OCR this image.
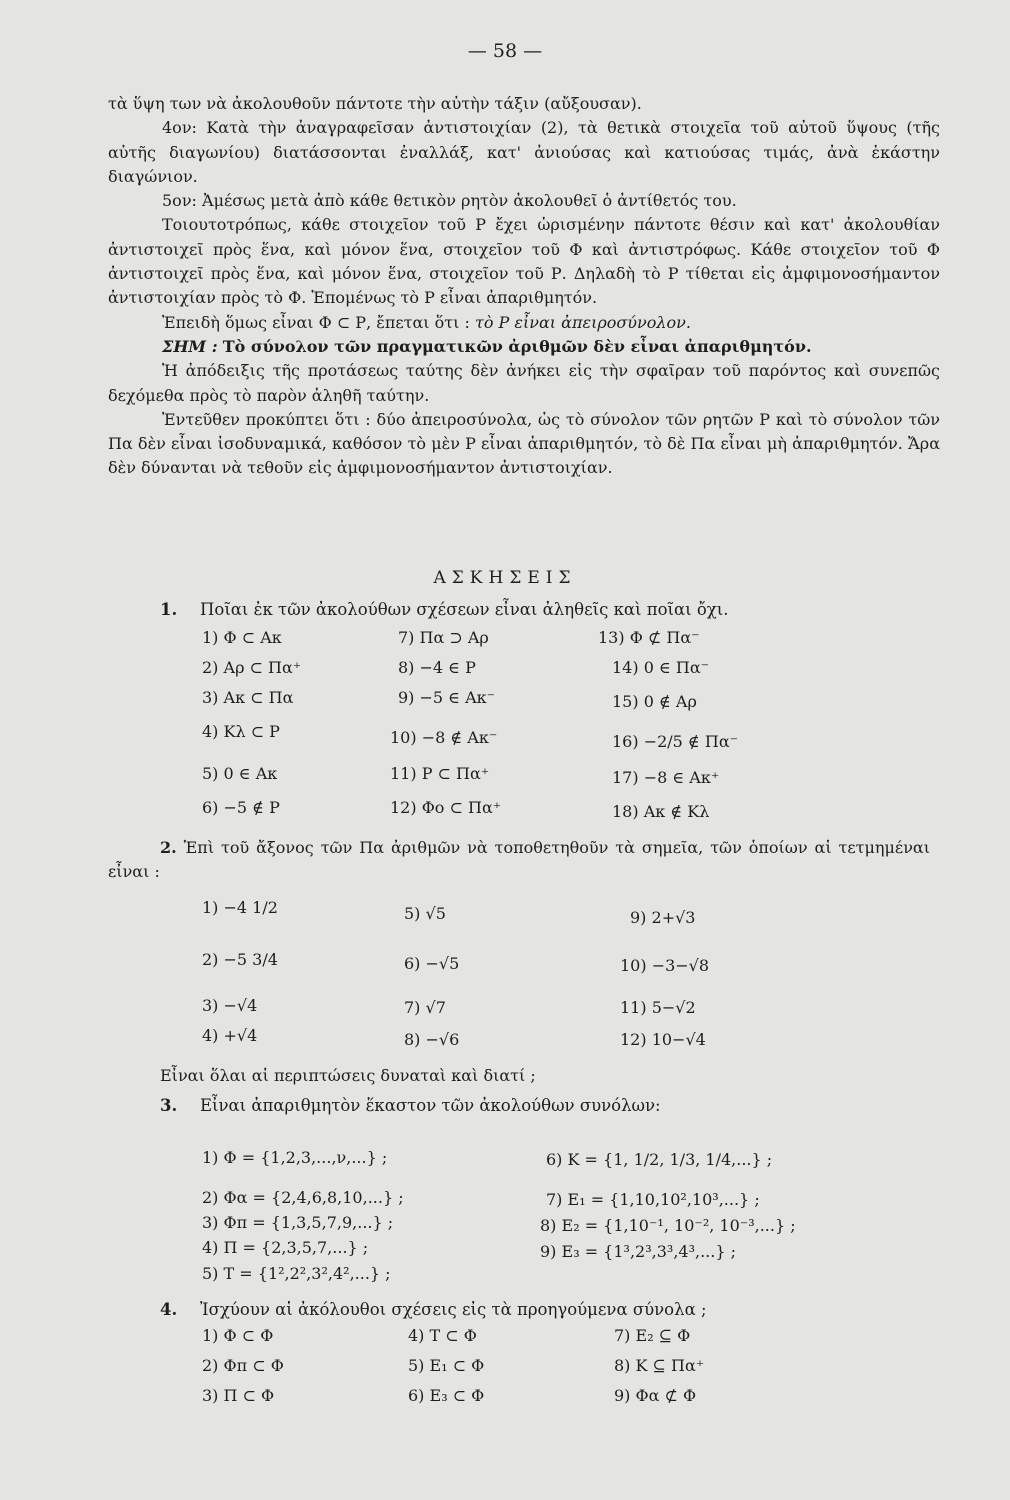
— 58 —

τὰ ὕψη των νὰ ἀκολουθοῦν πάντοτε τὴν αὐτὴν τάξιν (αὔξουσαν).

4ον: Κατὰ τὴν ἀναγραφεῖσαν ἀντιστοιχίαν (2), τὰ θετικὰ στοιχεῖα τοῦ αὐτοῦ ὕψους (τῆς αὐτῆς διαγωνίου) διατάσσονται ἐναλλάξ, κατ' ἀνιούσας καὶ κατιούσας τιμάς, ἀνὰ ἑκάστην διαγώνιον.

5ον: Ἀμέσως μετὰ ἀπὸ κάθε θετικὸν ρητὸν ἀκολουθεῖ ὁ ἀντίθετός του.

Τοιουτοτρόπως, κάθε στοιχεῖον τοῦ Ρ ἔχει ὡρισμένην πάντοτε θέσιν καὶ κατ' ἀκολουθίαν ἀντιστοιχεῖ πρὸς ἕνα, καὶ μόνον ἕνα, στοιχεῖον τοῦ Φ καὶ ἀντιστρόφως. Κάθε στοιχεῖον τοῦ Φ ἀντιστοιχεῖ πρὸς ἕνα, καὶ μόνον ἕνα, στοιχεῖον τοῦ Ρ. Δηλαδὴ τὸ Ρ τίθεται εἰς ἀμφιμονοσήμαντον ἀντιστοιχίαν πρὸς τὸ Φ. Ἑπομένως τὸ Ρ εἶναι ἀπαριθμητόν.

Ἐπειδὴ ὅμως εἶναι Φ ⊂ Ρ, ἔπεται ὅτι : τὸ Ρ εἶναι ἀπειροσύνολον.

ΣΗΜ : Τὸ σύνολον τῶν πραγματικῶν ἀριθμῶν δὲν εἶναι ἀπαριθμητόν.

Ἡ ἀπόδειξις τῆς προτάσεως ταύτης δὲν ἀνήκει εἰς τὴν σφαῖραν τοῦ παρόντος καὶ συνεπῶς δεχόμεθα πρὸς τὸ παρὸν ἀληθῆ ταύτην.

Ἐντεῦθεν προκύπτει ὅτι : δύο ἀπειροσύνολα, ὡς τὸ σύνολον τῶν ρητῶν Ρ καὶ τὸ σύνολον τῶν Πα δὲν εἶναι ἰσοδυναμικά, καθόσον τὸ μὲν Ρ εἶναι ἀπαριθμητόν, τὸ δὲ Πα εἶναι μὴ ἀπαριθμητόν. Ἄρα δὲν δύνανται νὰ τεθοῦν εἰς ἀμφιμονοσήμαντον ἀντιστοιχίαν.

ΑΣΚΗΣΕΙΣ
1. Ποῖαι ἐκ τῶν ἀκολούθων σχέσεων εἶναι ἀληθεῖς καὶ ποῖαι ὄχι.
1) Φ ⊂ Ακ
2) Αρ ⊂ Πα⁺
3) Ακ ⊂ Πα
4) Κλ ⊂ Ρ
5) 0 ∈ Ακ
6) −5 ∉ Ρ
7) Πα ⊃ Αρ
8) −4 ∈ Ρ
9) −5 ∈ Ακ⁻
10) −8 ∉ Ακ⁻
11) Ρ ⊂ Πα⁺
12) Φο ⊂ Πα⁺
13) Φ ⊄ Πα⁻
14) 0 ∈ Πα⁻
15) 0 ∉ Αρ
16) −2/5 ∉ Πα⁻
17) −8 ∈ Ακ⁺
18) Ακ ∉ Κλ

2. Ἐπὶ τοῦ ἄξονος τῶν Πα ἀριθμῶν νὰ τοποθετηθοῦν τὰ σημεῖα, τῶν ὁποίων αἱ τετμημέναι εἶναι :

1) −4 1/2
2) −5 3/4
3) −√4
4) +√4
5) √5
6) −√5
7) √7
8) −√6
9) 2+√3
10) −3−√8
11) 5−√2
12) 10−√4
Εἶναι ὅλαι αἱ περιπτώσεις δυναταὶ καὶ διατί ;
3. Εἶναι ἀπαριθμητὸν ἕκαστον τῶν ἀκολούθων συνόλων:
1) Φ = {1,2,3,...,ν,...} ;
2) Φα = {2,4,6,8,10,...} ;
3) Φπ = {1,3,5,7,9,...} ;
4) Π = {2,3,5,7,...} ;
5) Τ = {1²,2²,3²,4²,...} ;
6) Κ = {1, 1/2, 1/3, 1/4,...} ;
7) Ε₁ = {1,10,10²,10³,...} ;
8) Ε₂ = {1,10⁻¹, 10⁻², 10⁻³,...} ;
9) Ε₃ = {1³,2³,3³,4³,...} ;
4. Ἰσχύουν αἱ ἀκόλουθοι σχέσεις εἰς τὰ προηγούμενα σύνολα ;
1) Φ ⊂ Φ
2) Φπ ⊂ Φ
3) Π ⊂ Φ
4) Τ ⊂ Φ
5) Ε₁ ⊂ Φ
6) Ε₃ ⊂ Φ
7) Ε₂ ⊆ Φ
8) Κ ⊆ Πα⁺
9) Φα ⊄ Φ
